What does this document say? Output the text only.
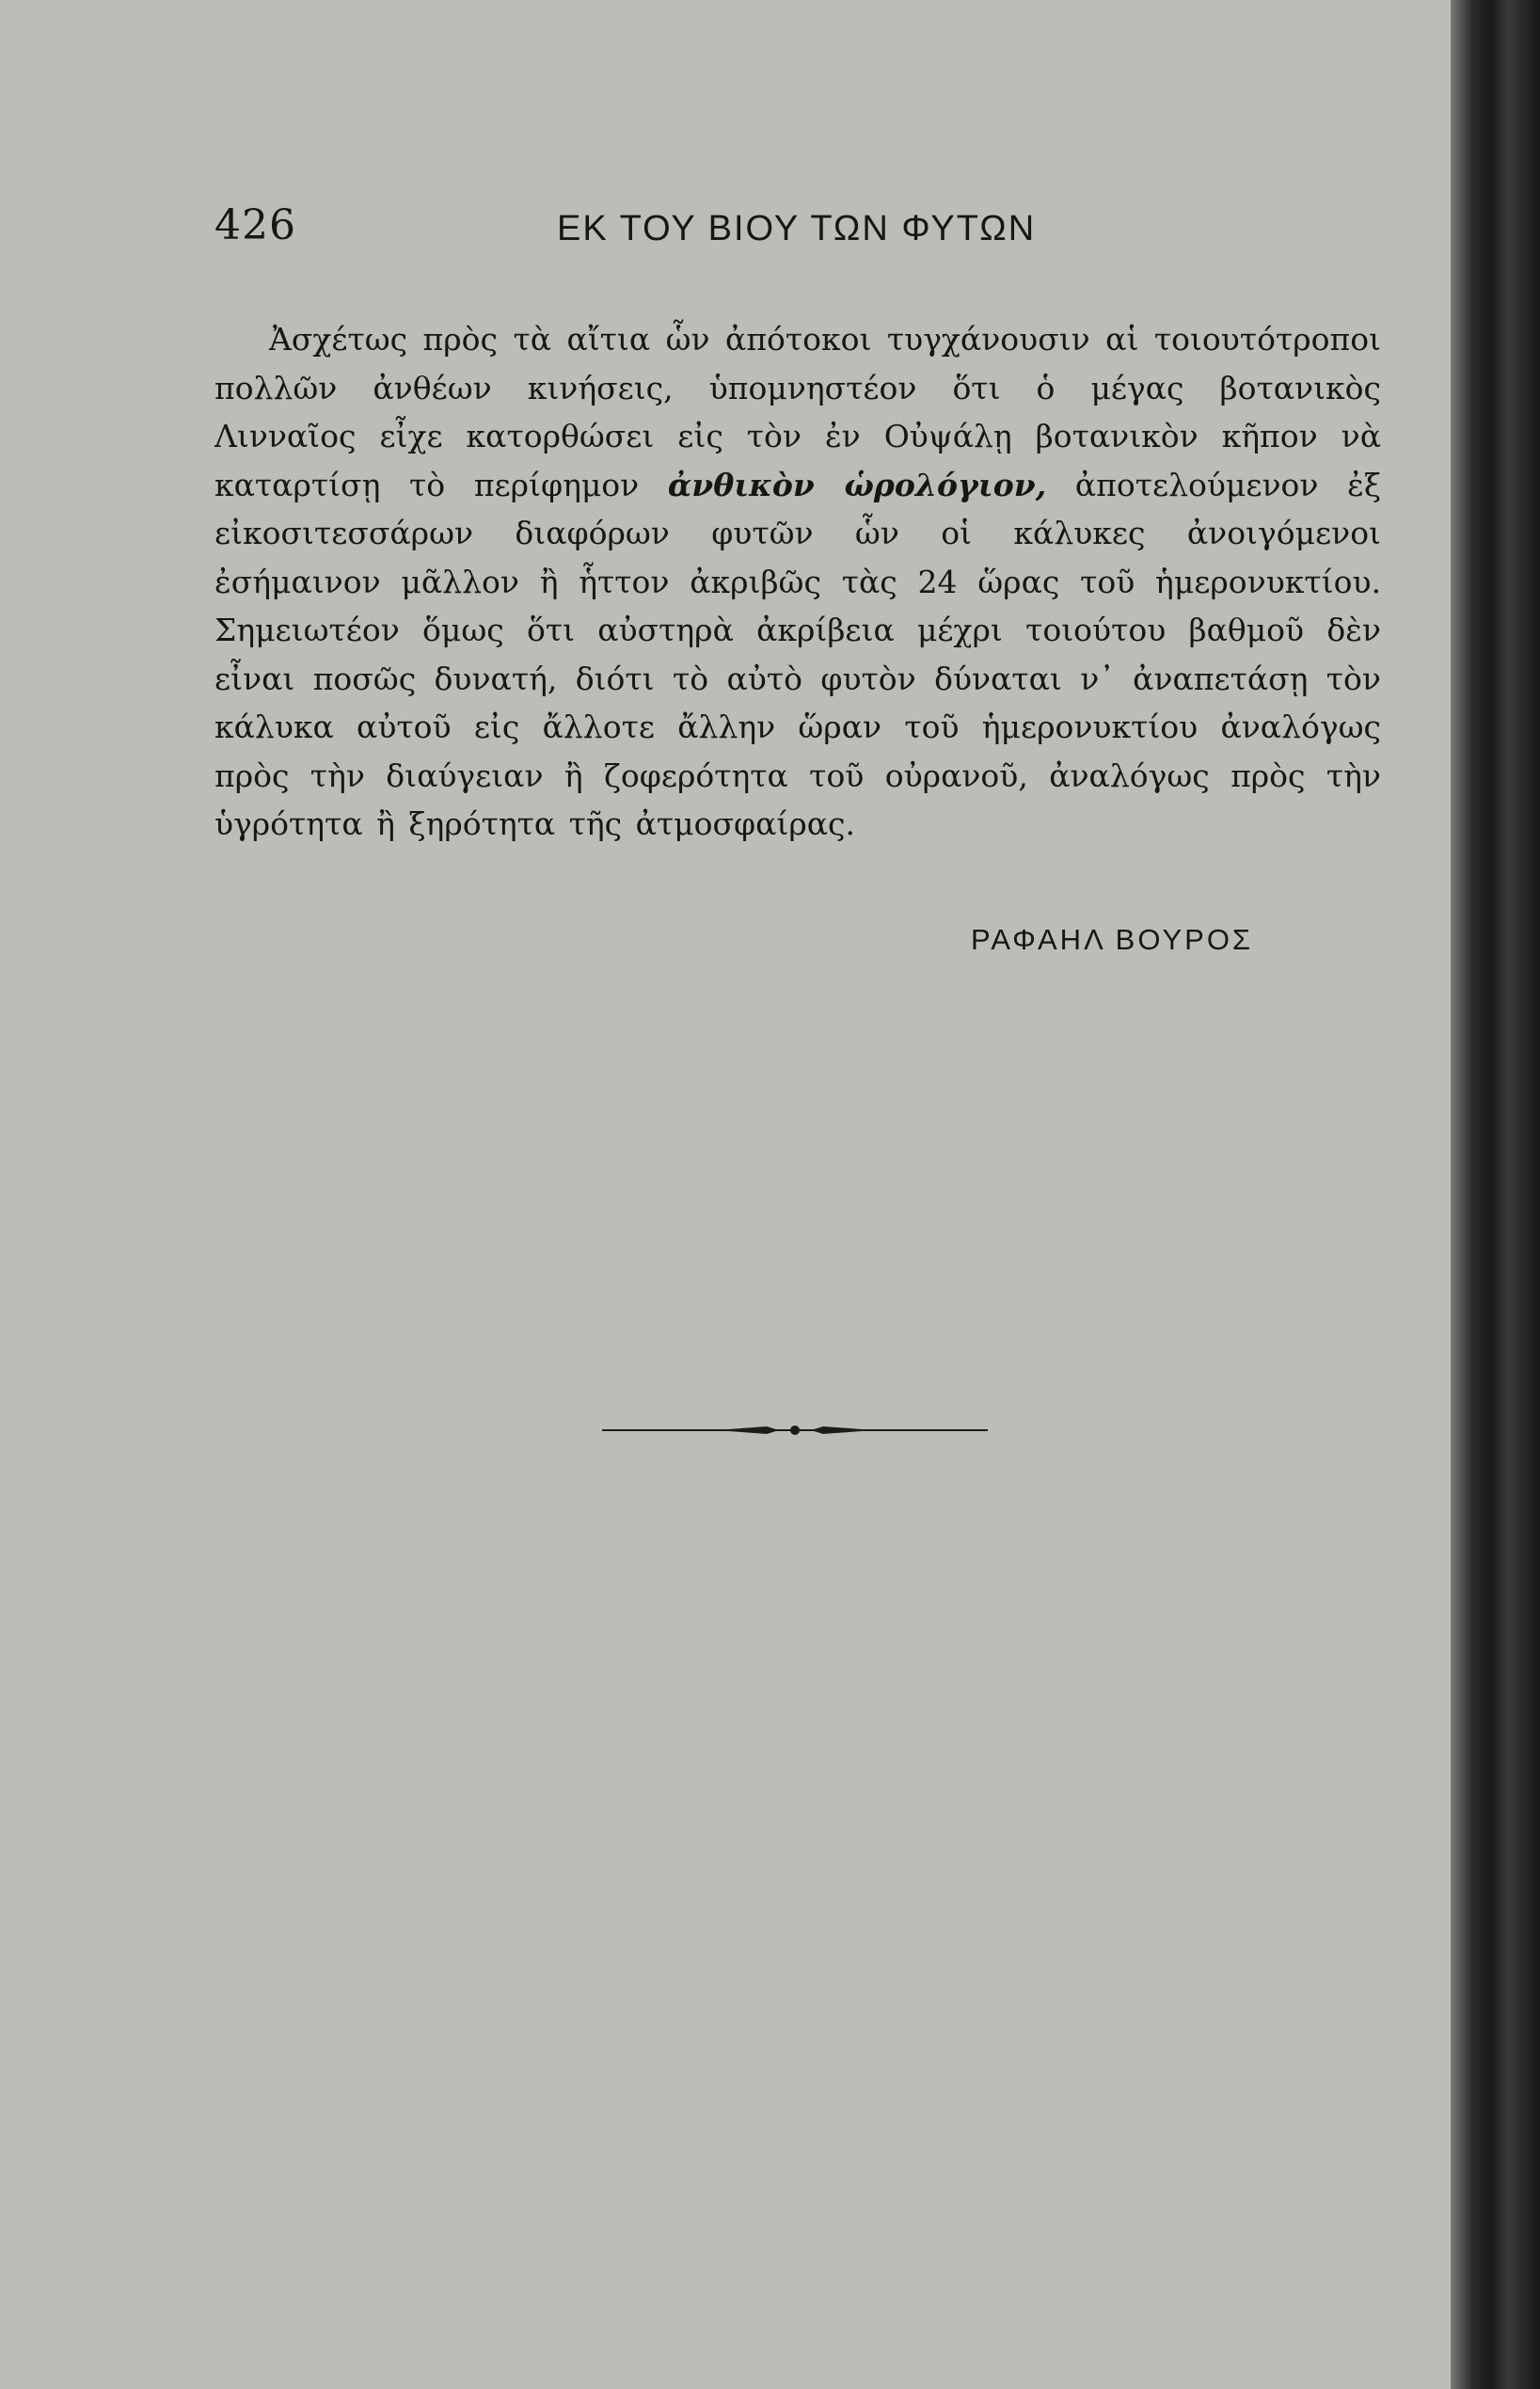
426	ΕΚ ΤΟΥ ΒΙΟΥ ΤΩΝ ΦΥΤΩΝ

Ἀσχέτως πρὸς τὰ αἴτια ὧν ἀπότοκοι τυγχάνουσιν αἱ τοιουτότροποι πολλῶν ἀνθέων κινήσεις, ὑπομνηστέον ὅτι ὁ μέγας βοτανικὸς Λινναῖος εἶχε κατορθώσει εἰς τὸν ἐν Οὐψάλῃ βοτανικὸν κῆπον νὰ καταρτίσῃ τὸ περίφημον ἀνθικὸν ὡρολόγιον, ἀποτελούμενον ἐξ εἰκοσιτεσσάρων διαφόρων φυτῶν ὧν οἱ κάλυκες ἀνοιγόμενοι ἐσήμαινον μᾶλλον ἢ ἧττον ἀκριβῶς τὰς 24 ὥρας τοῦ ἡμερονυκτίου. Σημειωτέον ὅμως ὅτι αὐστηρὰ ἀκρίβεια μέχρι τοιούτου βαθμοῦ δὲν εἶναι ποσῶς δυνατή, διότι τὸ αὐτὸ φυτὸν δύναται ν᾽ ἀναπετάσῃ τὸν κάλυκα αὐτοῦ εἰς ἄλλοτε ἄλλην ὥραν τοῦ ἡμερονυκτίου ἀναλόγως πρὸς τὴν διαύγειαν ἢ ζοφερότητα τοῦ οὐρανοῦ, ἀναλόγως πρὸς τὴν ὑγρότητα ἢ ξηρότητα τῆς ἀτμοσφαίρας.

ΡΑΦΑΗΛ ΒΟΥΡΟΣ
